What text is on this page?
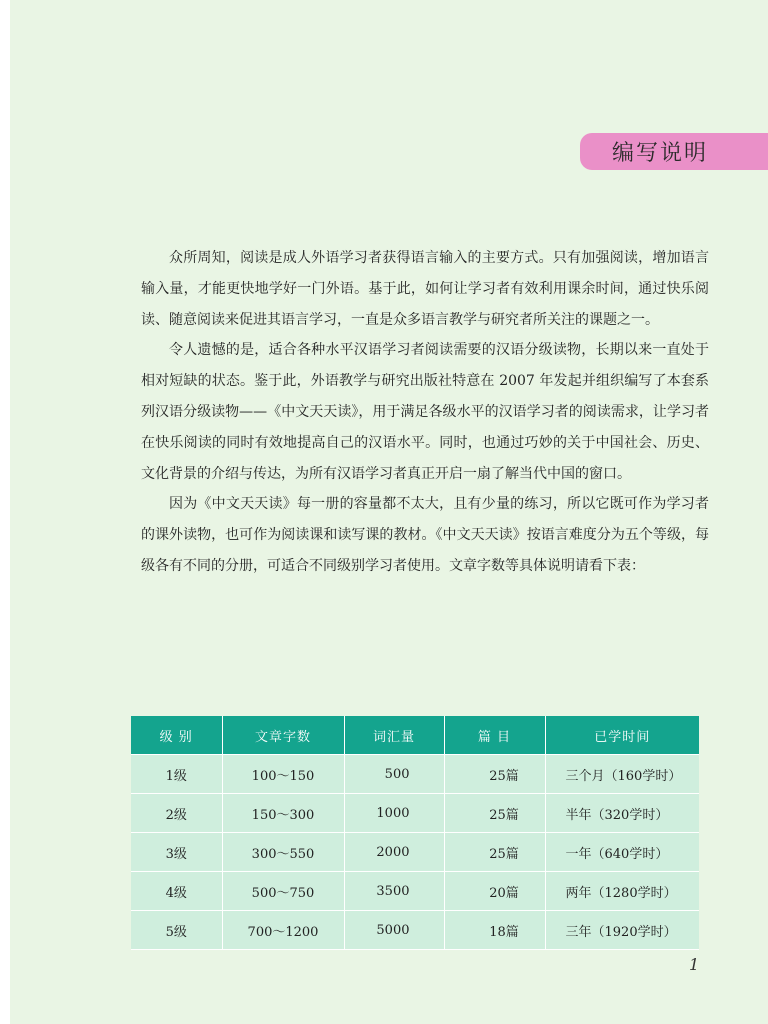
编写说明

众所周知，阅读是成人外语学习者获得语言输入的主要方式。只有加强阅读，增加语言输入量，才能更快地学好一门外语。基于此，如何让学习者有效利用课余时间，通过快乐阅读、随意阅读来促进其语言学习，一直是众多语言教学与研究者所关注的课题之一。

令人遗憾的是，适合各种水平汉语学习者阅读需要的汉语分级读物，长期以来一直处于相对短缺的状态。鉴于此，外语教学与研究出版社特意在 2007 年发起并组织编写了本套系列汉语分级读物——《中文天天读》，用于满足各级水平的汉语学习者的阅读需求，让学习者在快乐阅读的同时有效地提高自己的汉语水平。同时，也通过巧妙的关于中国社会、历史、文化背景的介绍与传达，为所有汉语学习者真正开启一扇了解当代中国的窗口。

因为《中文天天读》每一册的容量都不太大，且有少量的练习，所以它既可作为学习者的课外读物，也可作为阅读课和读写课的教材。《中文天天读》按语言难度分为五个等级，每级各有不同的分册，可适合不同级别学习者使用。文章字数等具体说明请看下表：

级 别	文章字数	词汇量	篇 目	已学时间
1级	100～150	500	25篇	三个月（160学时）
2级	150～300	1000	25篇	半年（320学时）
3级	300～550	2000	25篇	一年（640学时）
4级	500～750	3500	20篇	两年（1280学时）
5级	700～1200	5000	18篇	三年（1920学时）
1
